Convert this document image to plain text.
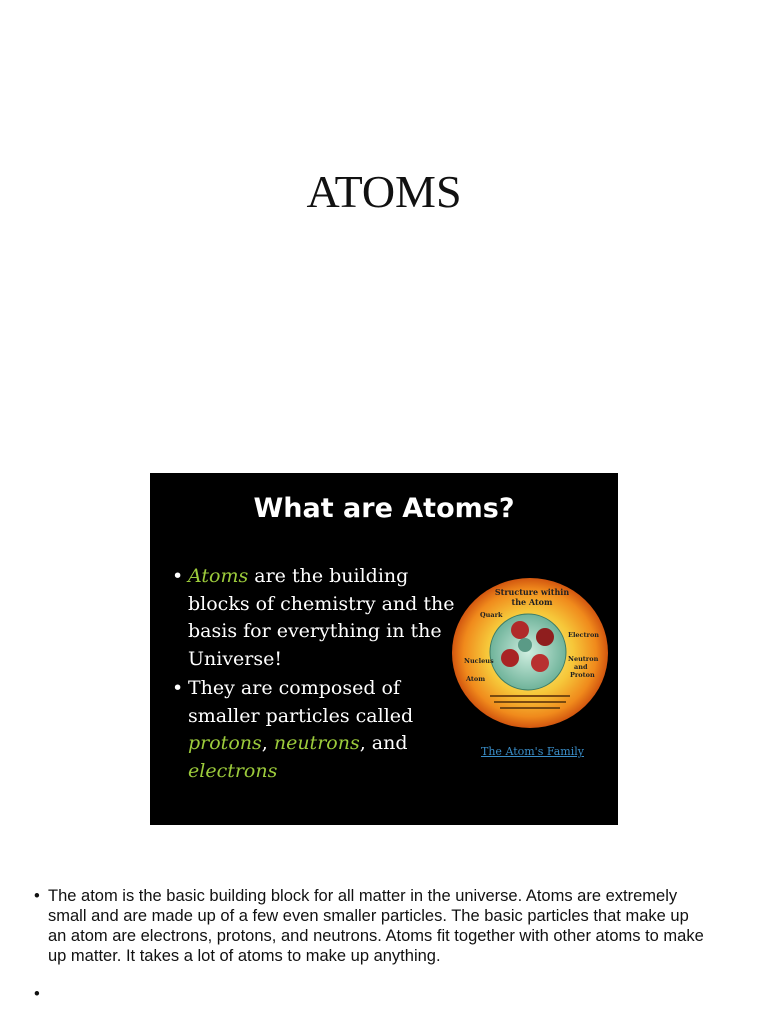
ATOMS
What are Atoms?
• Atoms are the building blocks of chemistry and the basis for everything in the Universe!
• They are composed of smaller particles called protons, neutrons, and electrons
Structure within
the Atom
Quark
Electron
Nucleus	Neutron
and
Proton
Atom
The Atom's Family
• The atom is the basic building block for all matter in the universe. Atoms are extremely small and are made up of a few even smaller particles. The basic particles that make up an atom are electrons, protons, and neutrons. Atoms fit together with other atoms to make up matter. It takes a lot of atoms to make up anything.
•
